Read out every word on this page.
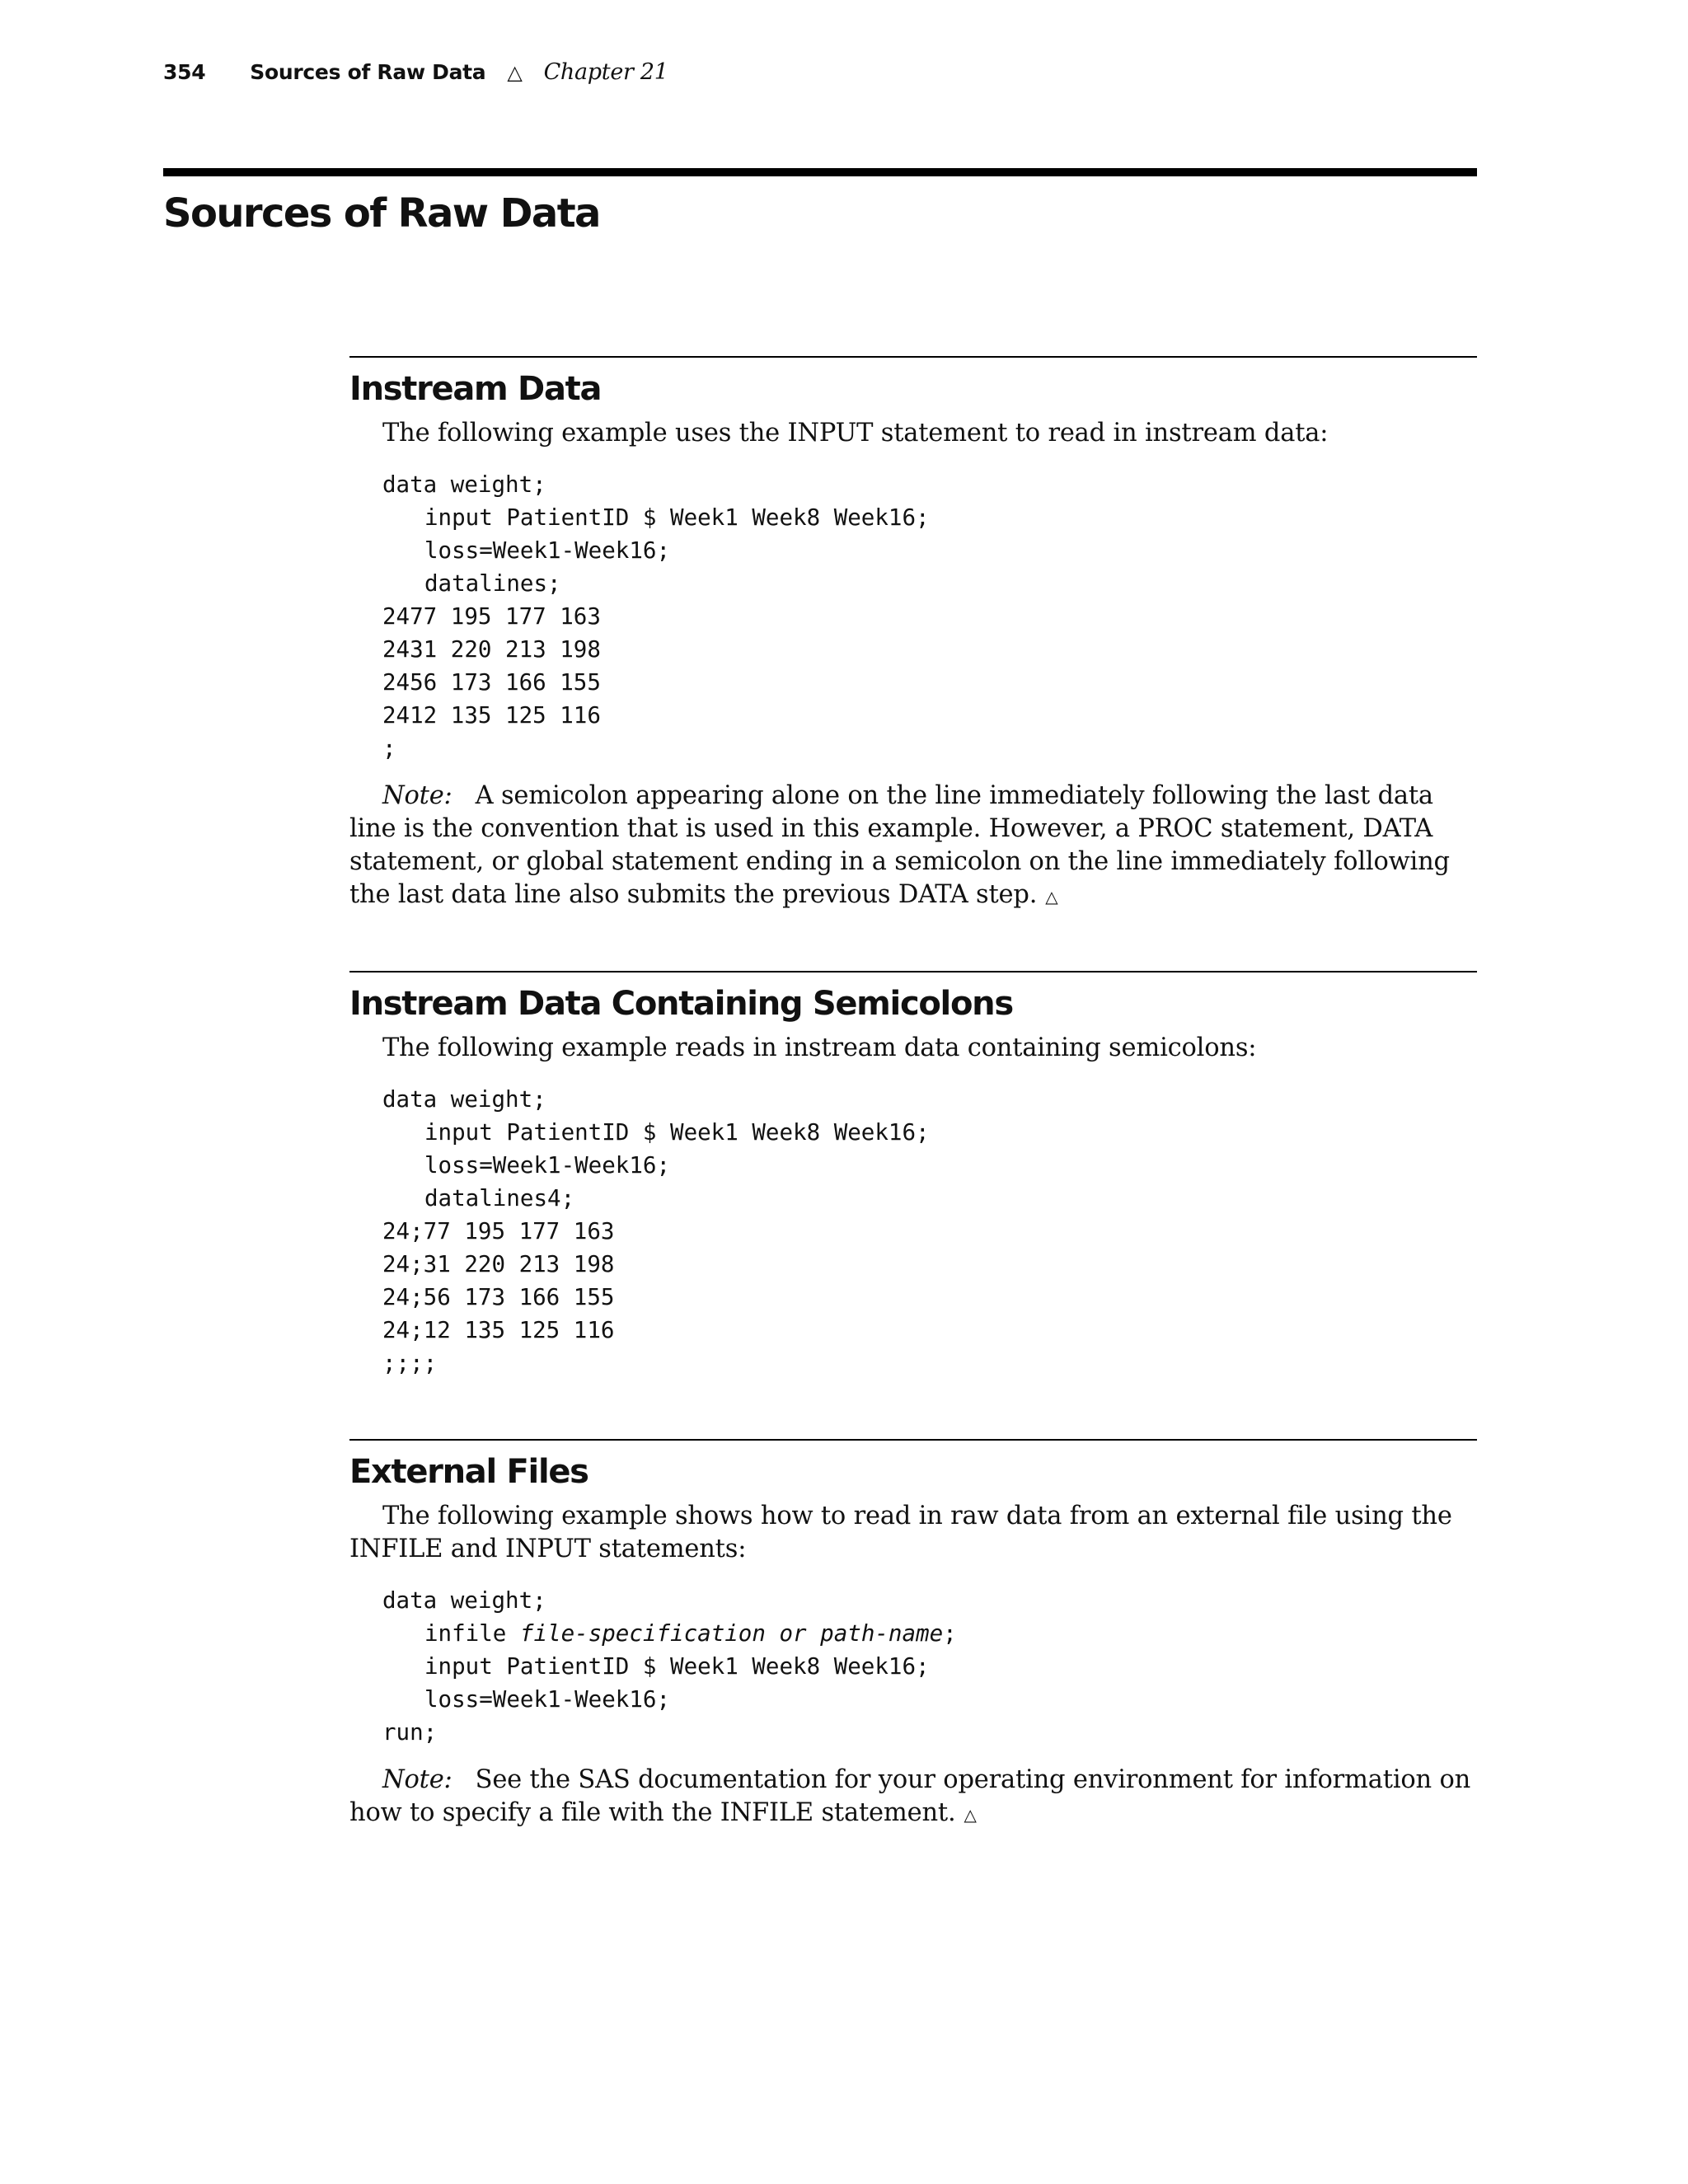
354 Sources of Raw Data △ Chapter 21
Sources of Raw Data
Instream Data

The following example uses the INPUT statement to read in instream data:

data weight;
input PatientID $ Week1 Week8 Week16;
loss=Week1-Week16;
datalines;
2477 195 177 163
2431 220 213 198
2456 173 166 155
2412 135 125 116
;

Note: A semicolon appearing alone on the line immediately following the last data line is the convention that is used in this example. However, a PROC statement, DATA statement, or global statement ending in a semicolon on the line immediately following the last data line also submits the previous DATA step. △

Instream Data Containing Semicolons

The following example reads in instream data containing semicolons:

data weight;
input PatientID $ Week1 Week8 Week16;
loss=Week1-Week16;
datalines4;
24;77 195 177 163
24;31 220 213 198
24;56 173 166 155
24;12 135 125 116
;;;;
External Files

The following example shows how to read in raw data from an external file using the INFILE and INPUT statements:

data weight;
infile file-specification or path-name;
input PatientID $ Week1 Week8 Week16;
loss=Week1-Week16;
run;

Note: See the SAS documentation for your operating environment for information on how to specify a file with the INFILE statement. △
